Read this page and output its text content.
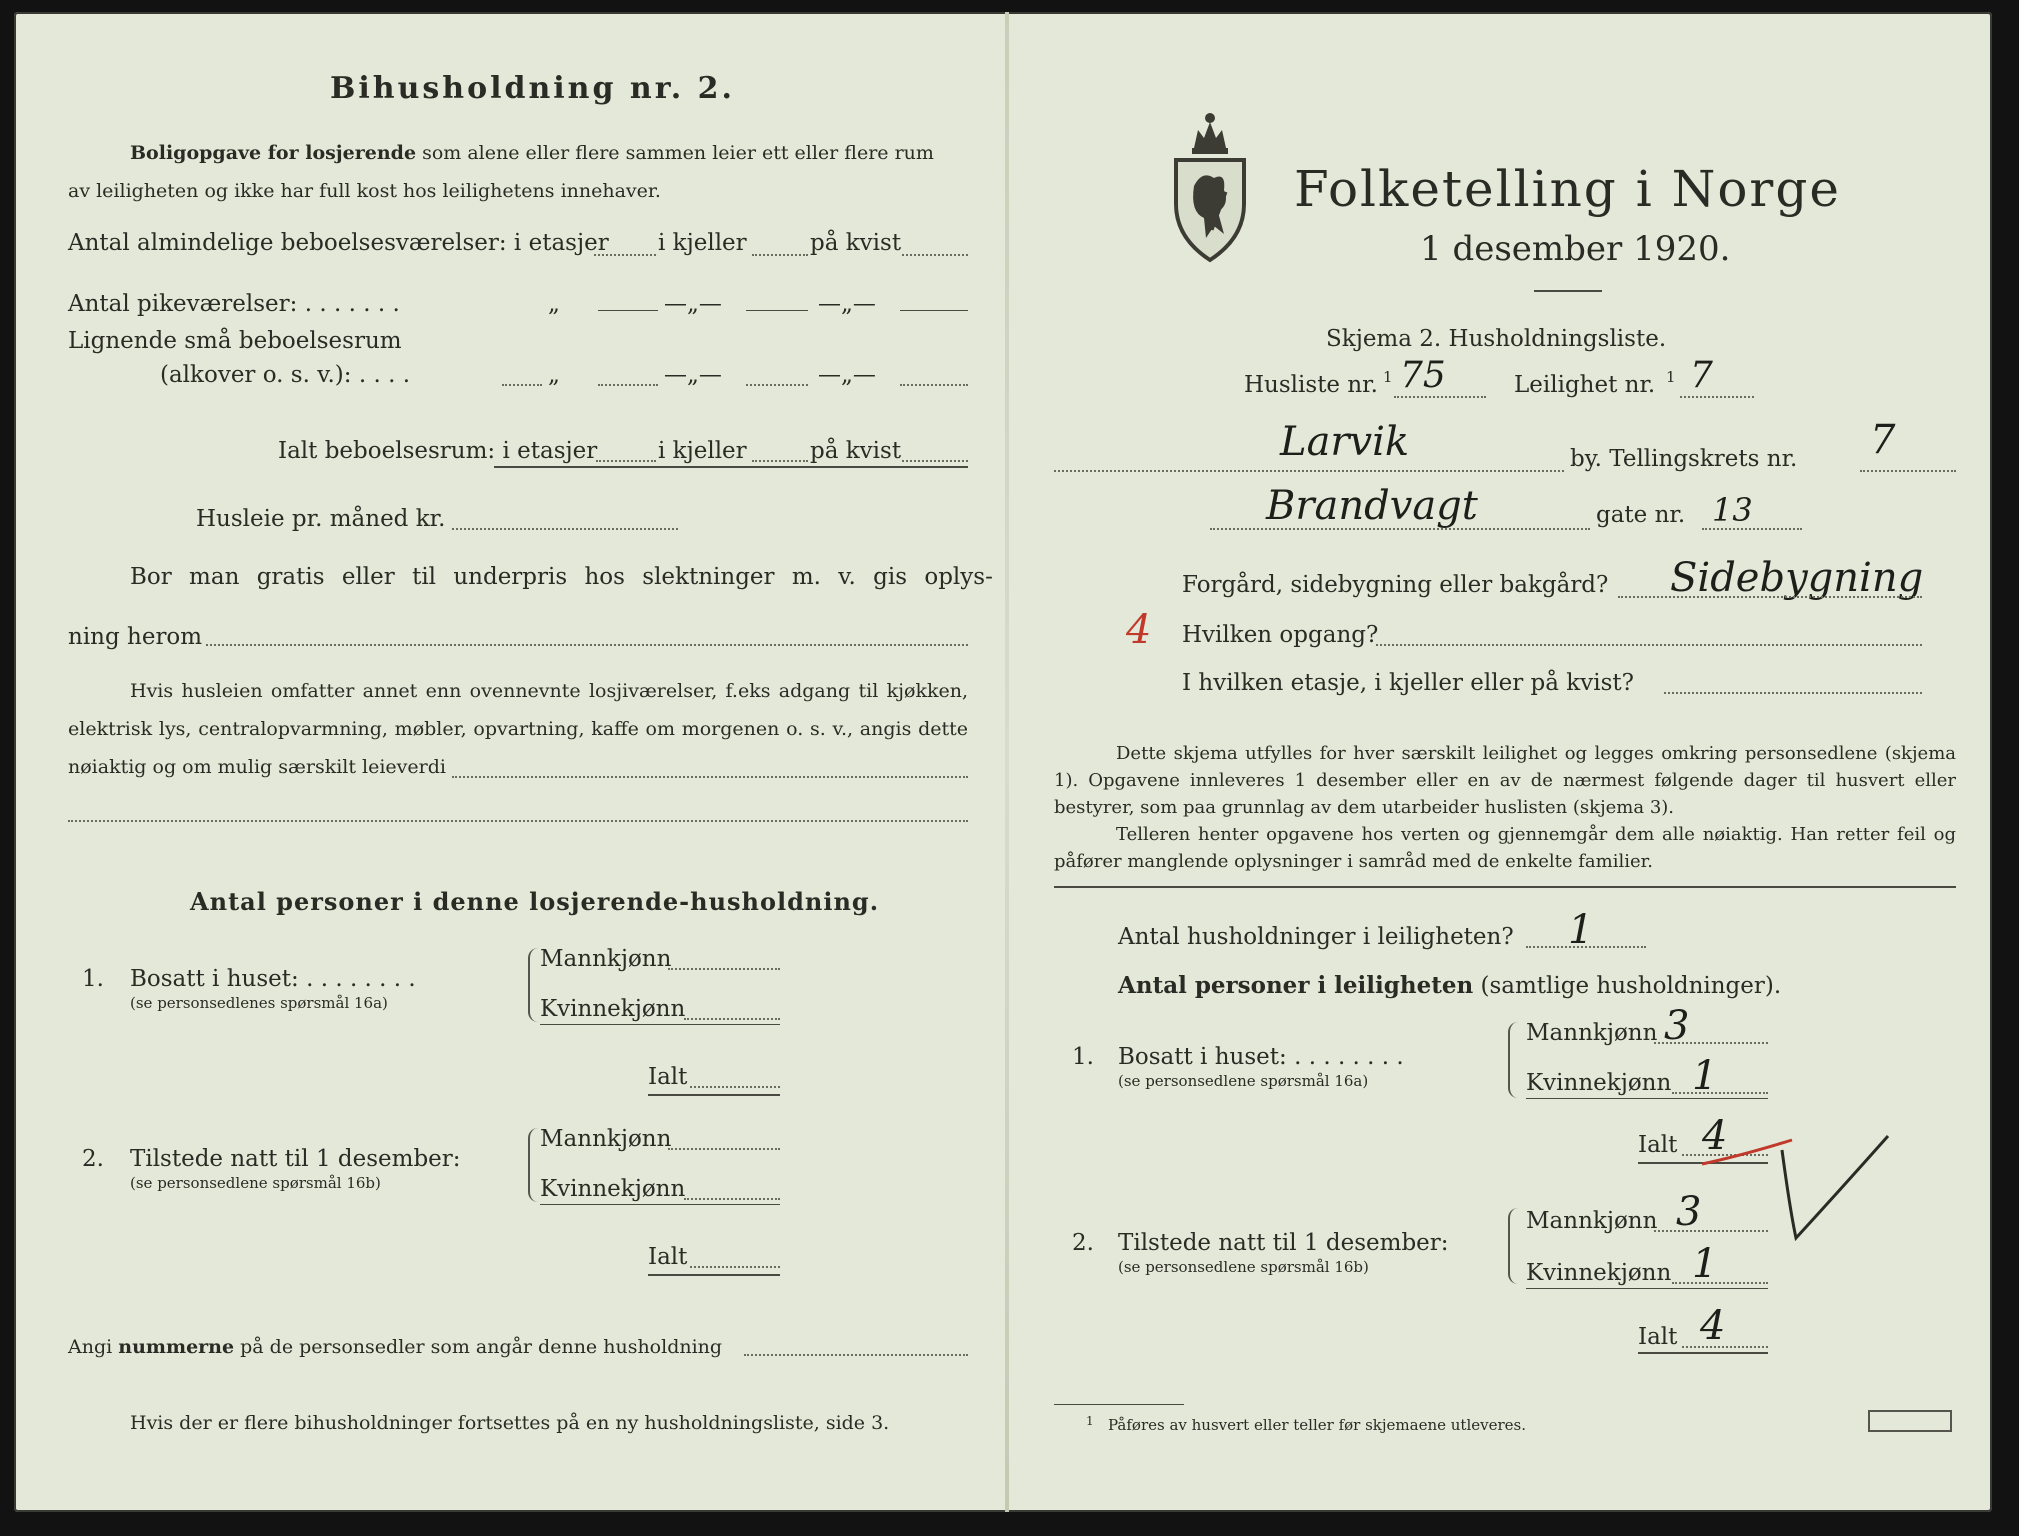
Bihusholdning nr. 2.
Boligopgave for losjerende som alene eller flere sammen leier ett eller flere rum
av leiligheten og ikke har full kost hos leilighetens innehaver.
Antal almindelige beboelsesværelser: i etasjer i kjeller	på kvist
Antal pikeværelser: . . . . . . .	„	—„—	—„—
Lignende små beboelsesrum
(alkover o. s. v.): . . . .	„	—„—	—„—
Ialt beboelsesrum: i etasjer	i kjeller	på kvist
Husleie pr. måned kr.
Bor man gratis eller til underpris hos slektninger m. v. gis oplys-
ning herom
Hvis husleien omfatter annet enn ovennevnte losjiværelser, f.eks adgang til kjøkken, elektrisk lys, centralopvarmning, møbler, opvartning, kaffe om morgenen o. s. v., angis dette nøiaktig og om mulig særskilt leieverdi
Antal personer i denne losjerende-husholdning.
1. Bosatt i huset: . . . . . . . .
(se personsedlenes spørsmål 16a)
Mannkjønn
Kvinnekjønn
Ialt
2. Tilstede natt til 1 desember:
(se personsedlene spørsmål 16b)
Mannkjønn
Kvinnekjønn
Ialt
Angi nummerne på de personsedler som angår denne husholdning
Hvis der er flere bihusholdninger fortsettes på en ny husholdningsliste, side 3.
Folketelling i Norge
1 desember 1920.
Skjema 2. Husholdningsliste.
Husliste nr. 1 75	Leilighet nr. 1 7
Larvik	by. Tellingskrets nr. 7
Brandvagt	gate nr. 13
Forgård, sidebygning eller bakgård? Sidebygning
4 Hvilken opgang?
I hvilken etasje, i kjeller eller på kvist?
Dette skjema utfylles for hver særskilt leilighet og legges omkring personsedlene (skjema 1). Opgavene innleveres 1 desember eller en av de nærmest følgende dager til husvert eller bestyrer, som paa grunnlag av dem utarbeider huslisten (skjema 3).
Telleren henter opgavene hos verten og gjennemgår dem alle nøiaktig. Han retter feil og påfører manglende oplysninger i samråd med de enkelte familier.
Antal husholdninger i leiligheten? 1
Antal personer i leiligheten (samtlige husholdninger).
1. Bosatt i huset: . . . . . . . .
(se personsedlene spørsmål 16a)
Mannkjønn 3
Kvinnekjønn 1
Ialt 4
2. Tilstede natt til 1 desember:
(se personsedlene spørsmål 16b)
Mannkjønn 3
Kvinnekjønn 1
Ialt 4
1 Påføres av husvert eller teller før skjemaene utleveres.
